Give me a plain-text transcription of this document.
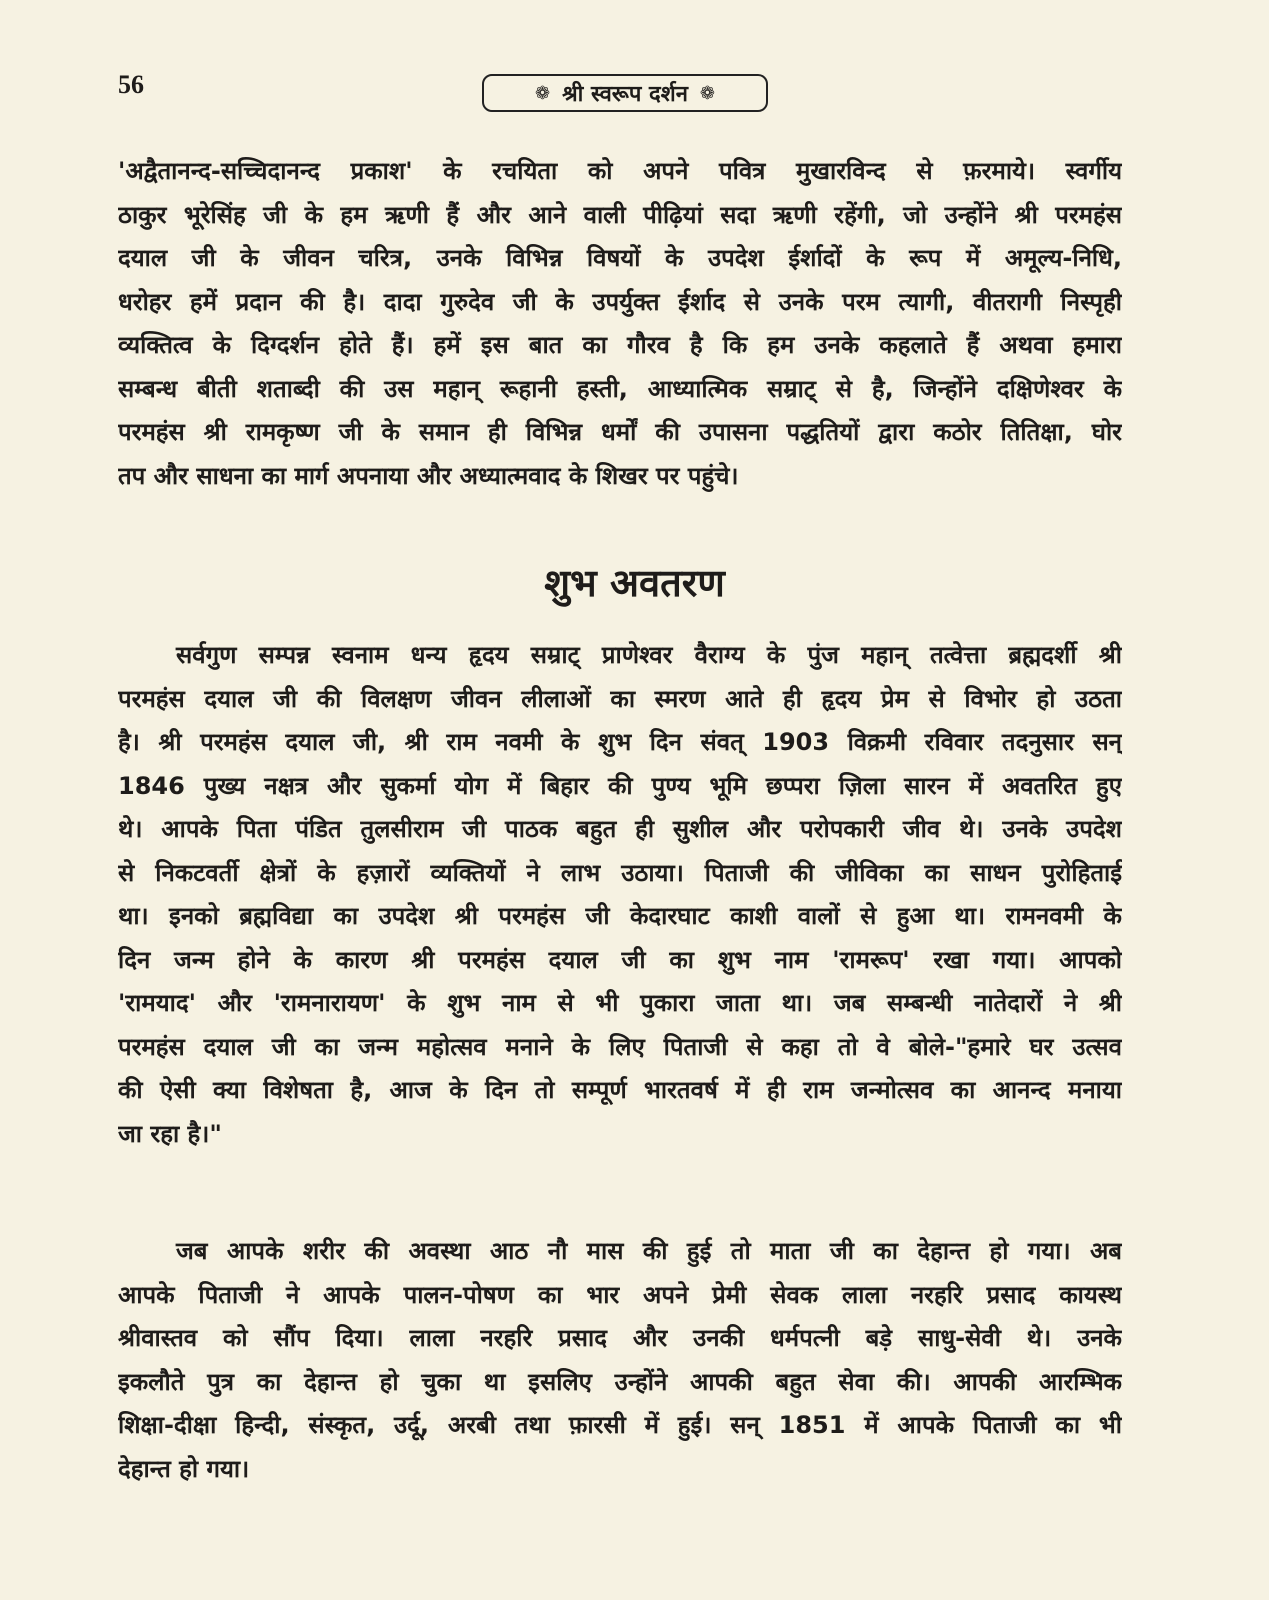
56	❁ श्री स्वरूप दर्शन ❁
'अद्वैतानन्द-सच्चिदानन्द प्रकाश' के रचयिता को अपने पवित्र मुखारविन्द से फ़रमाये। स्वर्गीय
ठाकुर भूरेसिंह जी के हम ऋणी हैं और आने वाली पीढ़ियां सदा ऋणी रहेंगी, जो उन्होंने श्री परमहंस
दयाल जी के जीवन चरित्र, उनके विभिन्न विषयों के उपदेश ईर्शादों के रूप में अमूल्य-निधि,
धरोहर हमें प्रदान की है। दादा गुरुदेव जी के उपर्युक्त ईर्शाद से उनके परम त्यागी, वीतरागी निस्पृही
व्यक्तित्व के दिग्दर्शन होते हैं। हमें इस बात का गौरव है कि हम उनके कहलाते हैं अथवा हमारा
सम्बन्ध बीती शताब्दी की उस महान् रूहानी हस्ती, आध्यात्मिक सम्राट् से है, जिन्होंने दक्षिणेश्वर के
परमहंस श्री रामकृष्ण जी के समान ही विभिन्न धर्मों की उपासना पद्धतियों द्वारा कठोर तितिक्षा, घोर
तप और साधना का मार्ग अपनाया और अध्यात्मवाद के शिखर पर पहुंचे।
शुभ अवतरण
सर्वगुण सम्पन्न स्वनाम धन्य हृदय सम्राट् प्राणेश्वर वैराग्य के पुंज महान् तत्वेत्ता ब्रह्मदर्शी श्री
परमहंस दयाल जी की विलक्षण जीवन लीलाओं का स्मरण आते ही हृदय प्रेम से विभोर हो उठता
है। श्री परमहंस दयाल जी, श्री राम नवमी के शुभ दिन संवत् 1903 विक्रमी रविवार तदनुसार सन्
1846 पुख्य नक्षत्र और सुकर्मा योग में बिहार की पुण्य भूमि छप्परा ज़िला सारन में अवतरित हुए
थे। आपके पिता पंडित तुलसीराम जी पाठक बहुत ही सुशील और परोपकारी जीव थे। उनके उपदेश
से निकटवर्ती क्षेत्रों के हज़ारों व्यक्तियों ने लाभ उठाया। पिताजी की जीविका का साधन पुरोहिताई
था। इनको ब्रह्मविद्या का उपदेश श्री परमहंस जी केदारघाट काशी वालों से हुआ था। रामनवमी के
दिन जन्म होने के कारण श्री परमहंस दयाल जी का शुभ नाम 'रामरूप' रखा गया। आपको
'रामयाद' और 'रामनारायण' के शुभ नाम से भी पुकारा जाता था। जब सम्बन्धी नातेदारों ने श्री
परमहंस दयाल जी का जन्म महोत्सव मनाने के लिए पिताजी से कहा तो वे बोले-"हमारे घर उत्सव
की ऐसी क्या विशेषता है, आज के दिन तो सम्पूर्ण भारतवर्ष में ही राम जन्मोत्सव का आनन्द मनाया
जा रहा है।"
जब आपके शरीर की अवस्था आठ नौ मास की हुई तो माता जी का देहान्त हो गया। अब
आपके पिताजी ने आपके पालन-पोषण का भार अपने प्रेमी सेवक लाला नरहरि प्रसाद कायस्थ
श्रीवास्तव को सौंप दिया। लाला नरहरि प्रसाद और उनकी धर्मपत्नी बड़े साधु-सेवी थे। उनके
इकलौते पुत्र का देहान्त हो चुका था इसलिए उन्होंने आपकी बहुत सेवा की। आपकी आरम्भिक
शिक्षा-दीक्षा हिन्दी, संस्कृत, उर्दू, अरबी तथा फ़ारसी में हुई। सन् 1851 में आपके पिताजी का भी
देहान्त हो गया।
